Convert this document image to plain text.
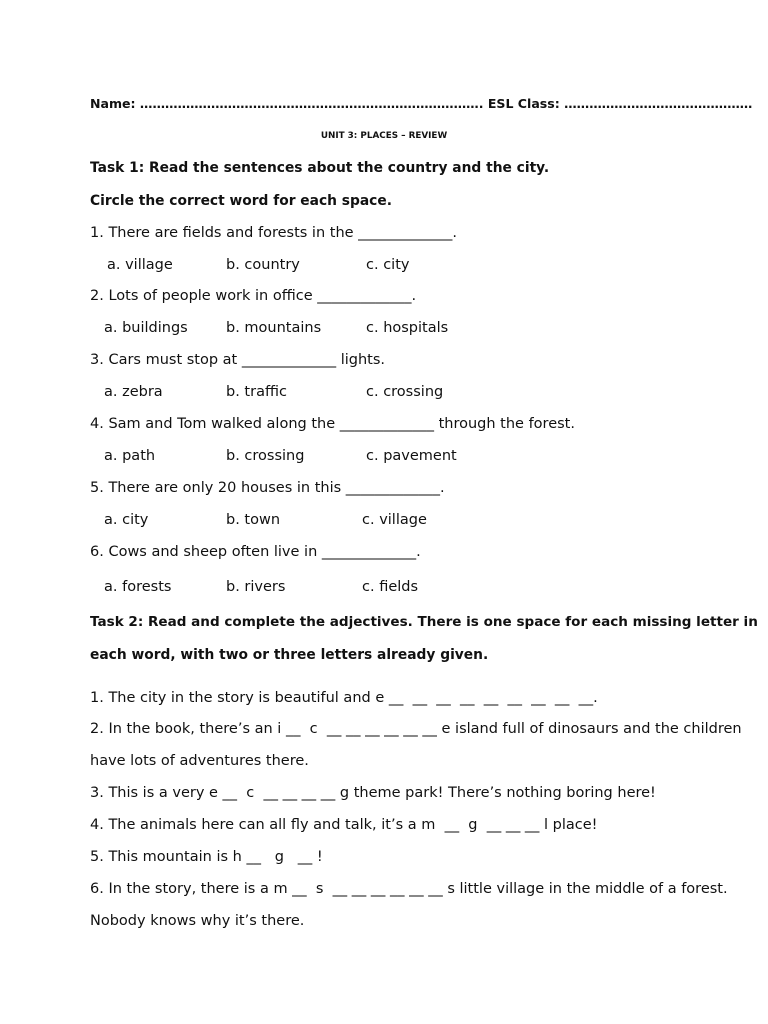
Name: ………………………………………………………………………. ESL Class: ………………………………………
UNIT 3: PLACES – REVIEW
Task 1: Read the sentences about the country and the city.
Circle the correct word for each space.
1. There are fields and forests in the _____________.
a. village	b. country	c. city
2. Lots of people work in office _____________.
a. buildings	b. mountains	c. hospitals
3. Cars must stop at _____________ lights.
a. zebra	b. traffic	c. crossing
4. Sam and Tom walked along the _____________ through the forest.
a. path	b. crossing	c. pavement
5. There are only 20 houses in this _____________.
a. city	b. town	c. village
6. Cows and sheep often live in _____________.
a. forests	b. rivers	c. fields
Task 2: Read and complete the adjectives. There is one space for each missing letter in
each word, with two or three letters already given.
1. The city in the story is beautiful and e __  __  __  __  __  __  __  __  __.
2. In the book, there’s an i __  c  __ __ __ __ __ __ e island full of dinosaurs and the children
have lots of adventures there.
3. This is a very e __  c  __ __ __ __ g theme park! There’s nothing boring here!
4. The animals here can all fly and talk, it’s a m  __  g  __ __ __ l place!
5. This mountain is h __   g   __ !
6. In the story, there is a m __  s  __ __ __ __ __ __ s little village in the middle of a forest.
Nobody knows why it’s there.
